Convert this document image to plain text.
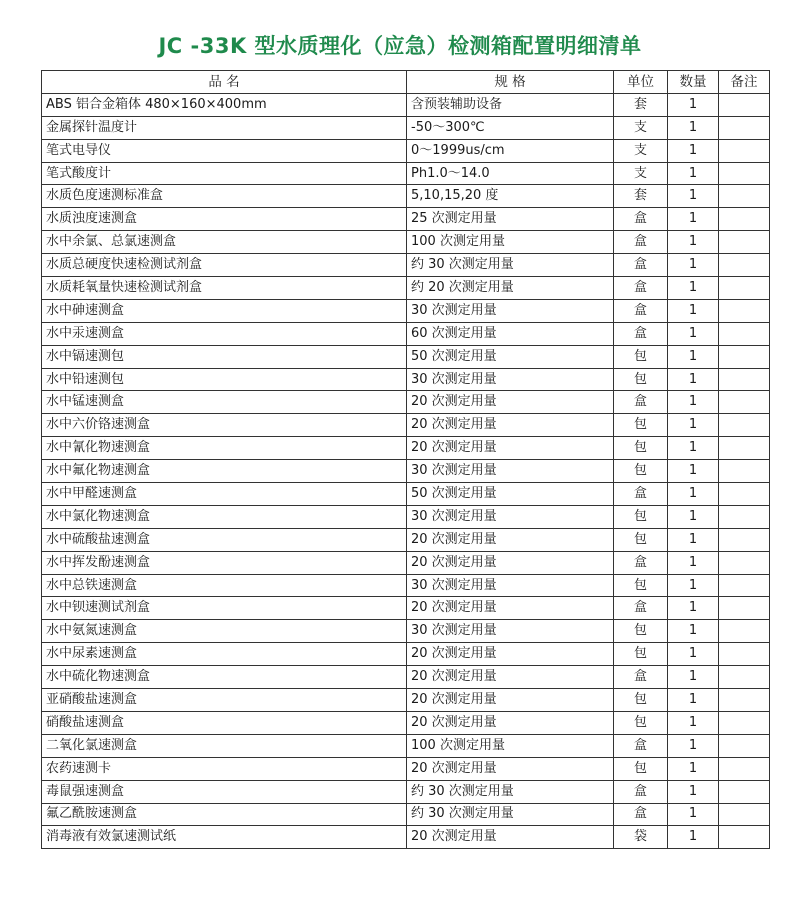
JC -33K 型水质理化（应急）检测箱配置明细清单
品 名	规 格	单位	数量	备注
ABS 铝合金箱体 480×160×400mm	含预装辅助设备	套	1	
金属探针温度计	-50～300℃	支	1	
笔式电导仪	0～1999us/cm	支	1	
笔式酸度计	Ph1.0～14.0	支	1	
水质色度速测标准盒	5,10,15,20 度	套	1	
水质浊度速测盒	25 次测定用量	盒	1	
水中余氯、总氯速测盒	100 次测定用量	盒	1	
水质总硬度快速检测试剂盒	约 30 次测定用量	盒	1	
水质耗氧量快速检测试剂盒	约 20 次测定用量	盒	1	
水中砷速测盒	30 次测定用量	盒	1	
水中汞速测盒	60 次测定用量	盒	1	
水中镉速测包	50 次测定用量	包	1	
水中铅速测包	30 次测定用量	包	1	
水中锰速测盒	20 次测定用量	盒	1	
水中六价铬速测盒	20 次测定用量	包	1	
水中氰化物速测盒	20 次测定用量	包	1	
水中氟化物速测盒	30 次测定用量	包	1	
水中甲醛速测盒	50 次测定用量	盒	1	
水中氯化物速测盒	30 次测定用量	包	1	
水中硫酸盐速测盒	20 次测定用量	包	1	
水中挥发酚速测盒	20 次测定用量	盒	1	
水中总铁速测盒	30 次测定用量	包	1	
水中钡速测试剂盒	20 次测定用量	盒	1	
水中氨氮速测盒	30 次测定用量	包	1	
水中尿素速测盒	20 次测定用量	包	1	
水中硫化物速测盒	20 次测定用量	盒	1	
亚硝酸盐速测盒	20 次测定用量	包	1	
硝酸盐速测盒	20 次测定用量	包	1	
二氧化氯速测盒	100 次测定用量	盒	1	
农药速测卡	20 次测定用量	包	1	
毒鼠强速测盒	约 30 次测定用量	盒	1	
氟乙酰胺速测盒	约 30 次测定用量	盒	1	
消毒液有效氯速测试纸	20 次测定用量	袋	1	
